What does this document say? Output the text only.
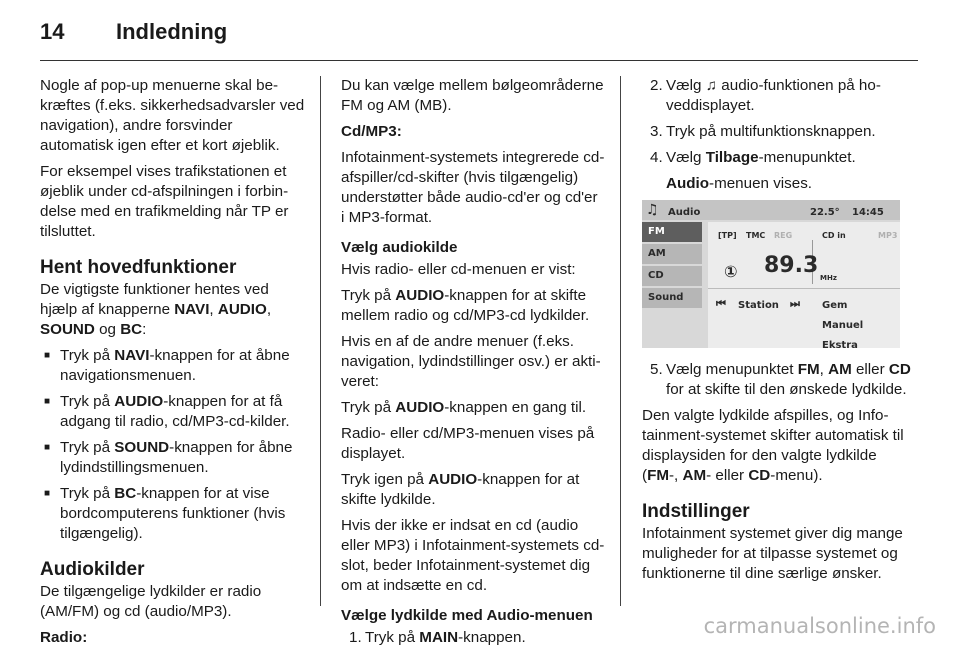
14 Indledning

Nogle af pop-up menuerne skal bekræftes (f.eks. sikkerhedsadvarsler ved navigation), andre forsvinder automatisk igen efter et kort øjeblik.

For eksempel vises trafikstationen et øjeblik under cd-afspilningen i forbindelse med en trafikmelding når TP er tilsluttet.

Hent hovedfunktioner

De vigtigste funktioner hentes ved hjælp af knapperne NAVI, AUDIO, SOUND og BC:

■ Tryk på NAVI-knappen for at åbne navigationsmenuen.
■ Tryk på AUDIO-knappen for at få adgang til radio, cd/MP3-cd-kilder.
■ Tryk på SOUND-knappen for åbne lydindstillingsmenuen.
■ Tryk på BC-knappen for at vise bordcomputerens funktioner (hvis tilgængelig).
Audiokilder

De tilgængelige lydkilder er radio (AM/FM) og cd (audio/MP3).

Radio:

Du kan vælge mellem bølgeområderne FM og AM (MB).

Cd/MP3:

Infotainment-systemets integrerede cd-afspiller/cd-skifter (hvis tilgængelig) understøtter både audio-cd'er og cd'er i MP3-format.

Vælg audiokilde

Hvis radio- eller cd-menuen er vist:

Tryk på AUDIO-knappen for at skifte mellem radio og cd/MP3-cd lydkilder.

Hvis en af de andre menuer (f.eks. navigation, lydindstillinger osv.) er aktiveret:

Tryk på AUDIO-knappen en gang til.

Radio- eller cd/MP3-menuen vises på displayet.

Tryk igen på AUDIO-knappen for at skifte lydkilde.

Hvis der ikke er indsat en cd (audio eller MP3) i Infotainment-systemets cd-slot, beder Infotainment-systemet dig om at indsætte en cd.

Vælge lydkilde med Audio-menuen
1. Tryk på MAIN-knappen.
2. Vælg ♫ audio-funktionen på hoveddisplayet.
3. Tryk på multifunktionsknappen.
4. Vælg Tilbage-menupunktet.
Audio-menuen vises.
♫ Audio	22.5° 14:45
FM
AM
CD
Sound
[TP] TMC REG	CD in	MP3
① 89.3 MHz
⏮ Station ⏭ Gem
Manuel
Ekstra
5. Vælg menupunktet FM, AM eller CD for at skifte til den ønskede lydkilde.

Den valgte lydkilde afspilles, og Infotainment-systemet skifter automatisk til displaysiden for den valgte lydkilde (FM-, AM- eller CD-menu).

Indstillinger

Infotainment systemet giver dig mange muligheder for at tilpasse systemet og funktionerne til dine særlige ønsker.

carmanualsonline.info
